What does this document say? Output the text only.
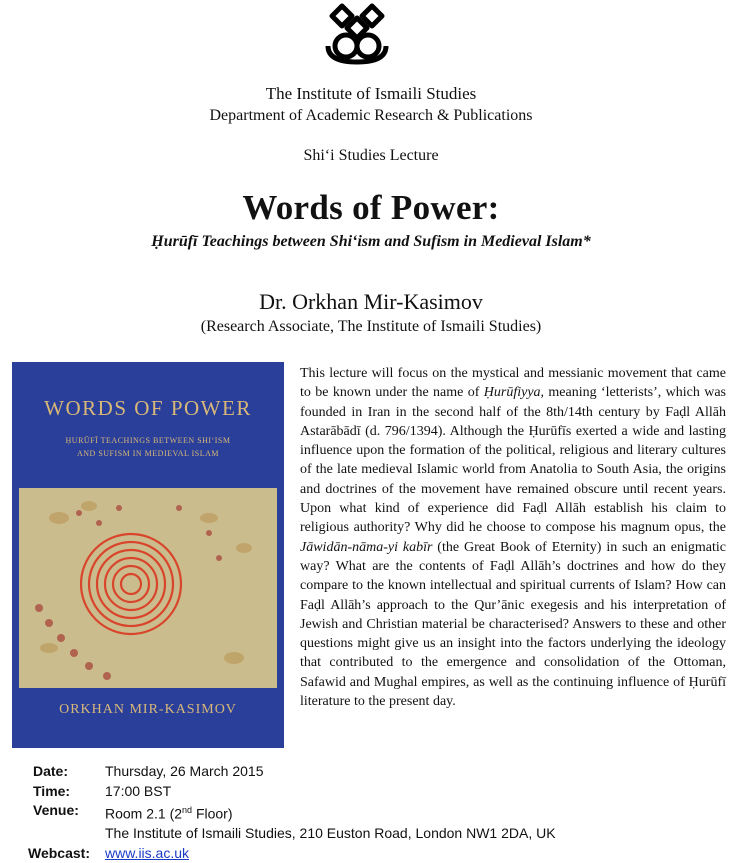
The Institute of Ismaili Studies
Department of Academic Research & Publications
Shi‘i Studies Lecture
Words of Power:
Ḥurūfī Teachings between Shi‘ism and Sufism in Medieval Islam*
Dr. Orkhan Mir-Kasimov
(Research Associate, The Institute of Ismaili Studies)
WORDS OF POWER
ḤURŪFĪ TEACHINGS BETWEEN SHI‘ISM
AND SUFISM IN MEDIEVAL ISLAM
ORKHAN MIR-KASIMOV
This lecture will focus on the mystical and messianic movement that came to be known under the name of Ḥurūfiyya, meaning ‘letterists’, which was founded in Iran in the second half of the 8th/14th century by Faḍl Allāh Astarābādī (d. 796/1394). Although the Ḥurūfīs exerted a wide and lasting influence upon the formation of the political, religious and literary cultures of the late medieval Islamic world from Anatolia to South Asia, the origins and doctrines of the movement have remained obscure until recent years. Upon what kind of experience did Faḍl Allāh establish his claim to religious authority? Why did he choose to compose his magnum opus, the Jāwidān-nāma-yi kabīr (the Great Book of Eternity) in such an enigmatic way? What are the contents of Faḍl Allāh’s doctrines and how do they compare to the known intellectual and spiritual currents of Islam? How can Faḍl Allāh’s approach to the Qur’ānic exegesis and his interpretation of Jewish and Christian material be characterised? Answers to these and other questions might give us an insight into the factors underlying the ideology that contributed to the emergence and consolidation of the Ottoman, Safawid and Mughal empires, as well as the continuing influence of Ḥurūfī literature to the present day.
Date:	Thursday, 26 March 2015
Time:	17:00 BST
Venue:	Room 2.1 (2nd Floor)
The Institute of Ismaili Studies, 210 Euston Road, London NW1 2DA, UK
Webcast:	www.iis.ac.uk
